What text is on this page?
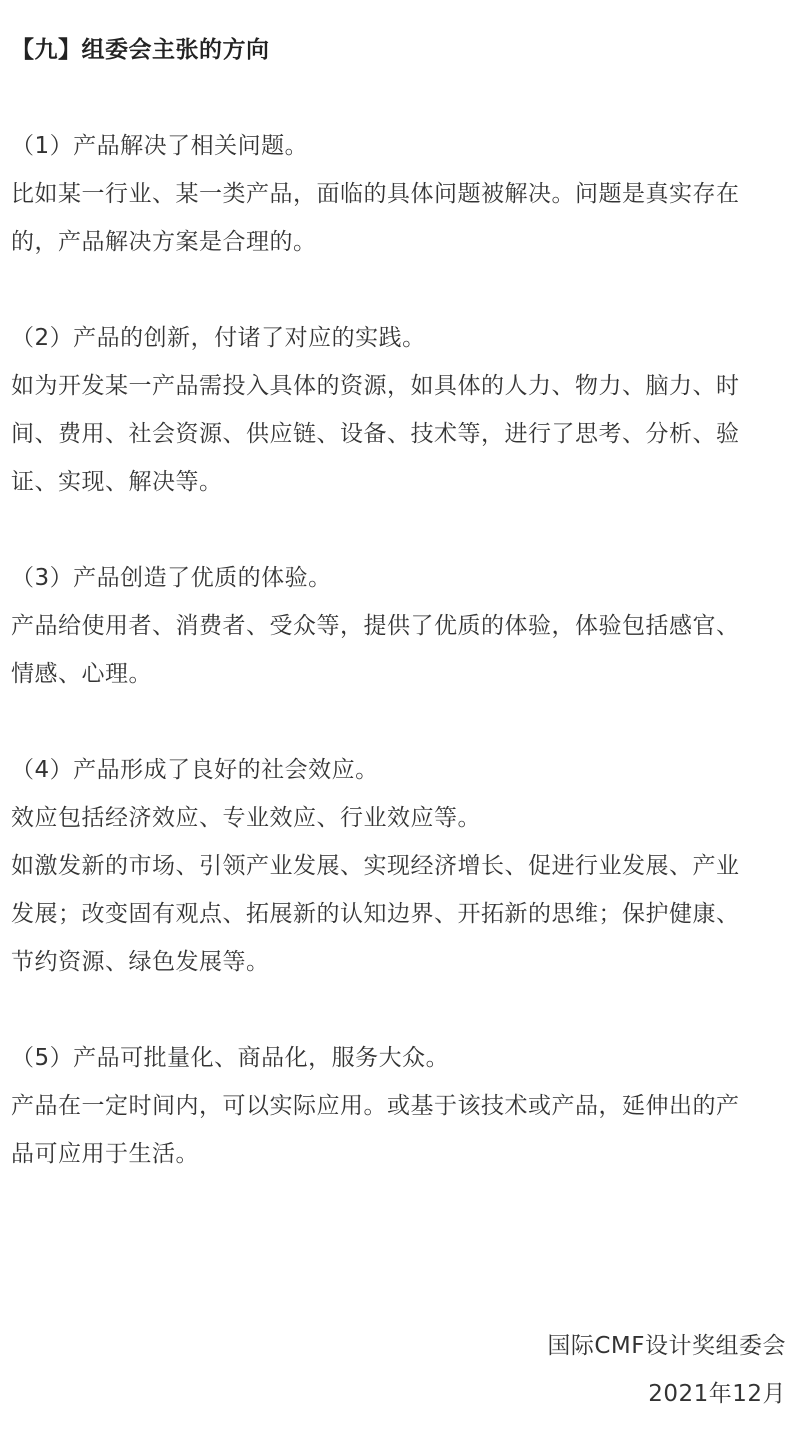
【九】组委会主张的方向
（1）产品解决了相关问题。
比如某一行业、某一类产品，面临的具体问题被解决。问题是真实存在
的，产品解决方案是合理的。
（2）产品的创新，付诸了对应的实践。
如为开发某一产品需投入具体的资源，如具体的人力、物力、脑力、时
间、费用、社会资源、供应链、设备、技术等，进行了思考、分析、验
证、实现、解决等。
（3）产品创造了优质的体验。
产品给使用者、消费者、受众等，提供了优质的体验，体验包括感官、
情感、心理。
（4）产品形成了良好的社会效应。
效应包括经济效应、专业效应、行业效应等。
如激发新的市场、引领产业发展、实现经济增长、促进行业发展、产业
发展；改变固有观点、拓展新的认知边界、开拓新的思维；保护健康、
节约资源、绿色发展等。
（5）产品可批量化、商品化，服务大众。
产品在一定时间内，可以实际应用。或基于该技术或产品，延伸出的产
品可应用于生活。
国际CMF设计奖组委会
2021年12月
